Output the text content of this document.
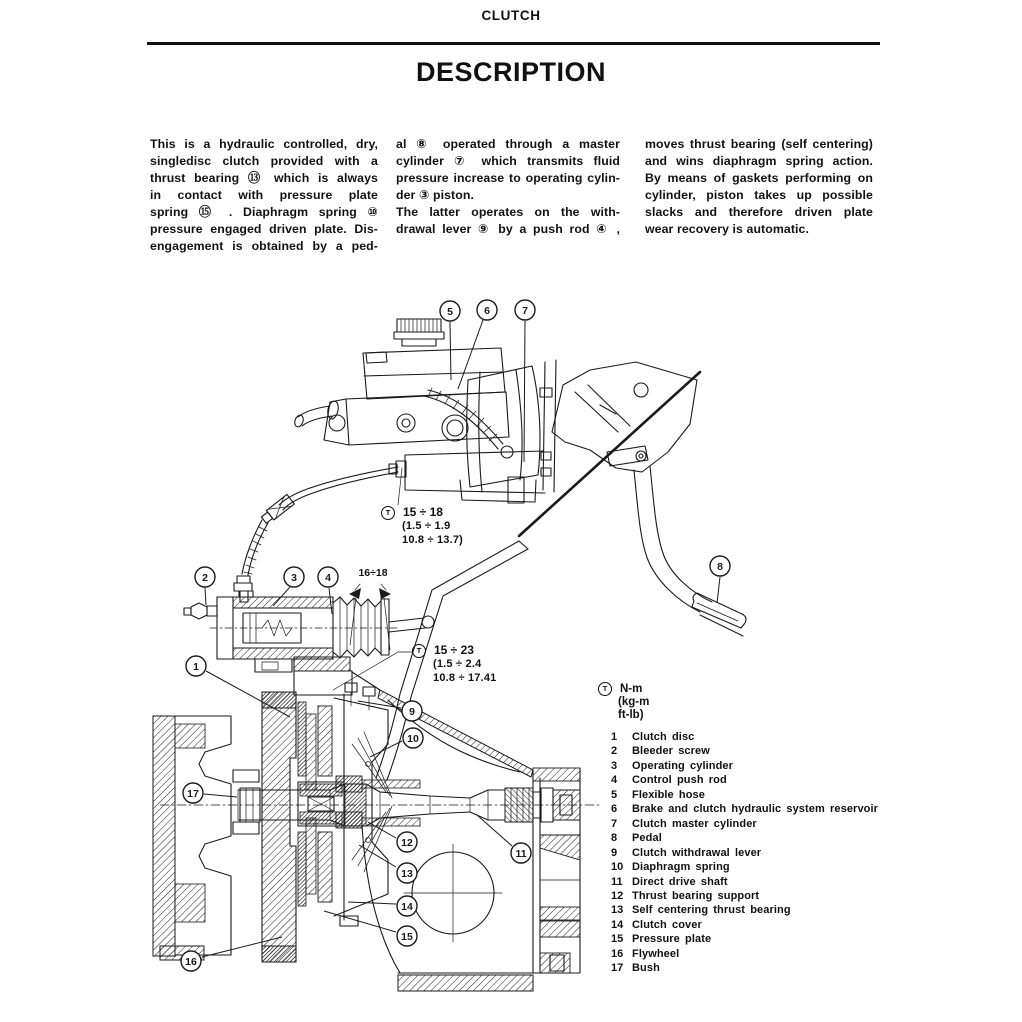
1
2	3	4
5	6	7
8
9
10
11
12
13
14
15
16
17
CLUTCH
DESCRIPTION
This is a hydraulic controlled, dry,
singledisc clutch provided with a
thrust bearing ⑬ which is always
in contact with pressure plate
spring ⑮ . Diaphragm spring ⑩
pressure engaged driven plate. Dis-
engagement is obtained by a ped-
al ⑧ operated through a master
cylinder ⑦ which transmits fluid
pressure increase to operating cylin-
der ③ piston.
The latter operates on the with-
drawal lever ⑨ by a push rod ④ ,
moves thrust bearing (self centering)
and wins diaphragm spring action.
By means of gaskets performing on
cylinder, piston takes up possible
slacks and therefore driven plate
wear recovery is automatic.
T	15 ÷ 18
(1.5 ÷ 1.9
10.8 ÷ 13.7)
T	15 ÷ 23
(1.5 ÷ 2.4
10.8 ÷ 17.41
16÷18
T	N-m
(kg-m
ft-lb)
1	Clutch disc
2	Bleeder screw
3	Operating cylinder
4	Control push rod
5	Flexible hose
6	Brake and clutch hydraulic system reservoir
7	Clutch master cylinder
8	Pedal
9	Clutch withdrawal lever
10 Diaphragm spring
11 Direct drive shaft
12 Thrust bearing support
13 Self centering thrust bearing
14 Clutch cover
15 Pressure plate
16 Flywheel
17 Bush
